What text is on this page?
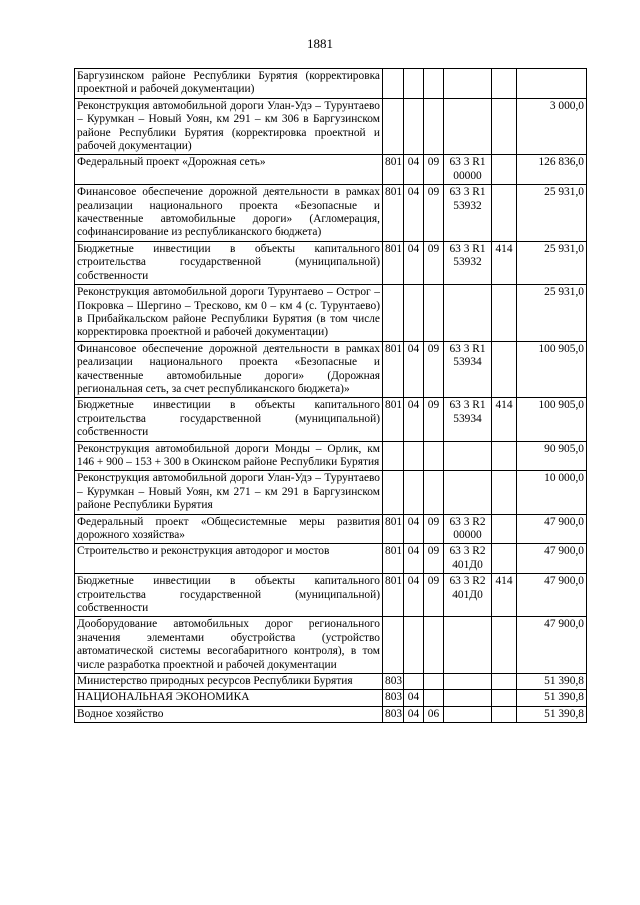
1881
Баргузинском районе Республики Бурятия (корректировка проектной и рабочей документации)						
Реконструкция автомобильной дороги Улан-Удэ – Турунтаево – Курумкан – Новый Уоян, км 291 – км 306 в Баргузинском районе Республики Бурятия (корректировка проектной и рабочей документации)						3 000,0
Федеральный проект «Дорожная сеть»	801	04	09	63 3 R1 00000		126 836,0
Финансовое обеспечение дорожной деятельности в рамках реализации национального проекта «Безопасные и качественные автомобильные дороги» (Агломерация, софинансирование из республиканского бюджета)	801	04	09	63 3 R1 53932		25 931,0
Бюджетные инвестиции в объекты капитального строительства государственной (муниципальной) собственности	801	04	09	63 3 R1 53932	414	25 931,0
Реконструкция автомобильной дороги Турунтаево – Острог – Покровка – Шергино – Тресково, км 0 – км 4 (с. Турунтаево) в Прибайкальском районе Республики Бурятия (в том числе корректировка проектной и рабочей документации)						25 931,0
Финансовое обеспечение дорожной деятельности в рамках реализации национального проекта «Безопасные и качественные автомобильные дороги» (Дорожная региональная сеть, за счет республиканского бюджета)»	801	04	09	63 3 R1 53934		100 905,0
Бюджетные инвестиции в объекты капитального строительства государственной (муниципальной) собственности	801	04	09	63 3 R1 53934	414	100 905,0
Реконструкция автомобильной дороги Монды – Орлик, км 146 + 900 – 153 + 300 в Окинском районе Республики Бурятия						90 905,0
Реконструкция автомобильной дороги Улан-Удэ – Турунтаево – Курумкан – Новый Уоян, км 271 – км 291 в Баргузинском районе Республики Бурятия						10 000,0
Федеральный проект «Общесистемные меры развития дорожного хозяйства»	801	04	09	63 3 R2 00000		47 900,0
Строительство и реконструкция автодорог и мостов	801	04	09	63 3 R2 401Д0		47 900,0
Бюджетные инвестиции в объекты капитального строительства государственной (муниципальной) собственности	801	04	09	63 3 R2 401Д0	414	47 900,0
Дооборудование автомобильных дорог регионального значения элементами обустройства (устройство автоматической системы весогабаритного контроля), в том числе разработка проектной и рабочей документации						47 900,0
Министерство природных ресурсов Республики Бурятия	803					51 390,8
НАЦИОНАЛЬНАЯ ЭКОНОМИКА	803	04				51 390,8
Водное хозяйство	803	04	06			51 390,8
